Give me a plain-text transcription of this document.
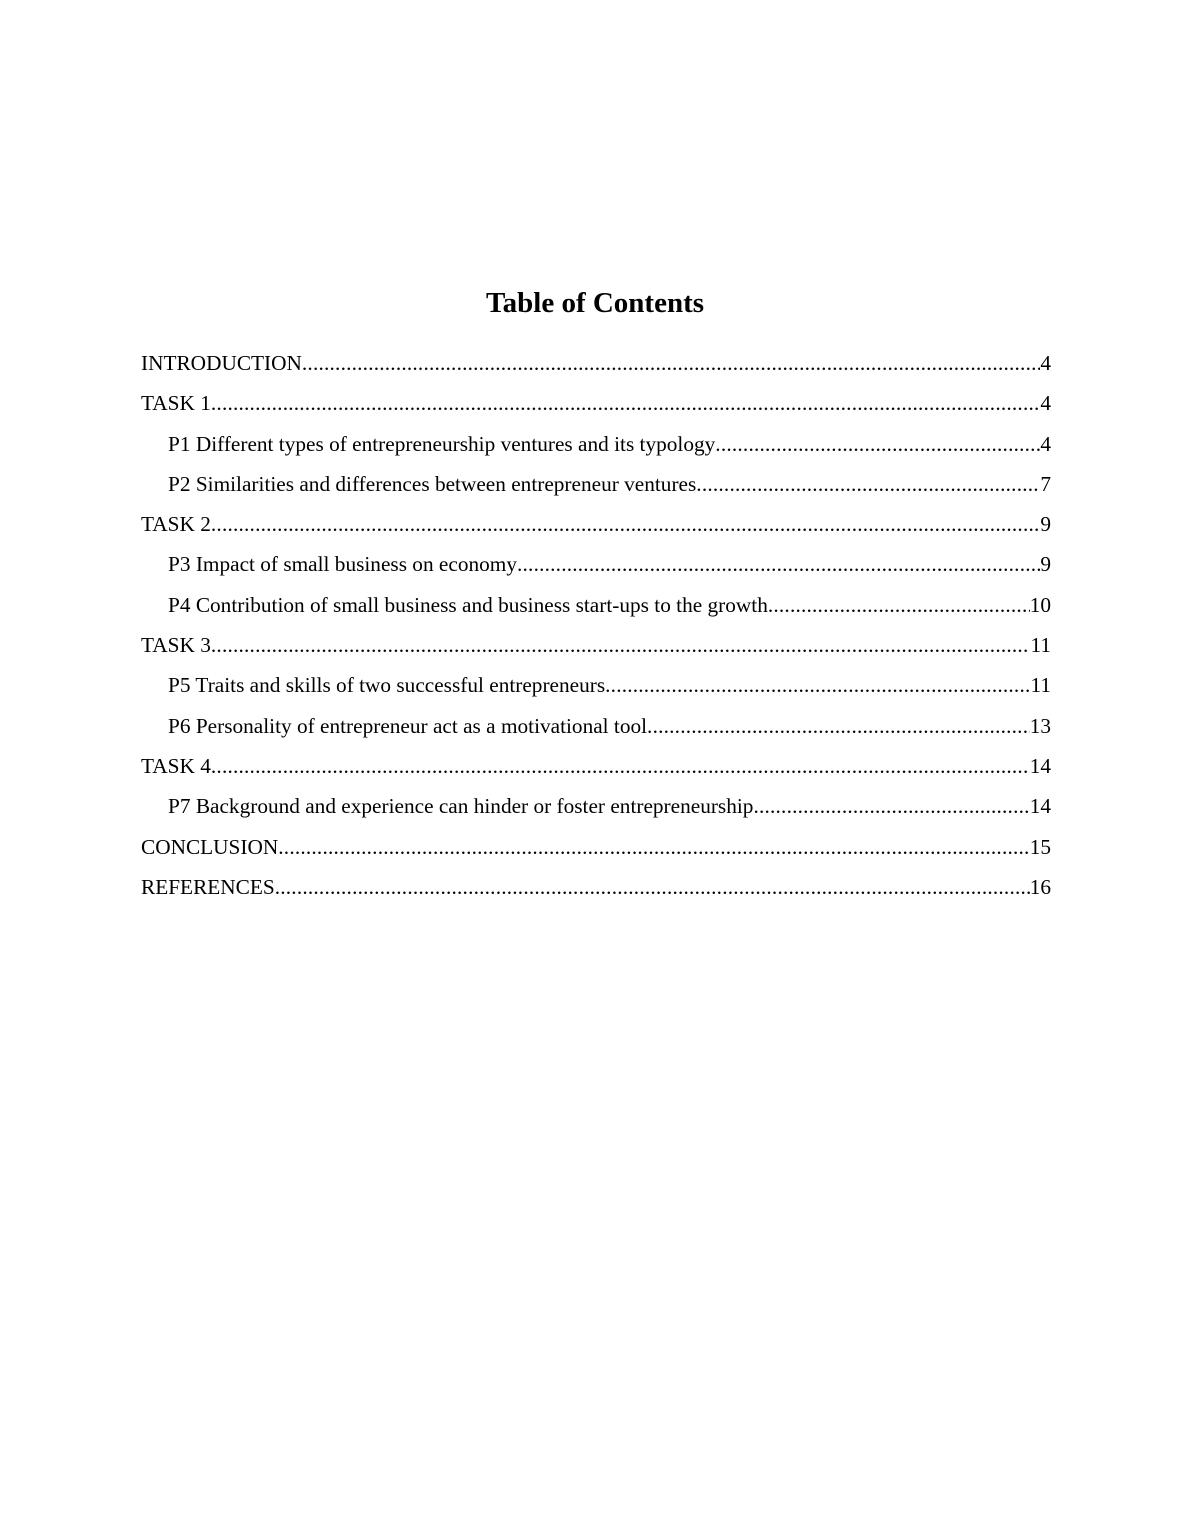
Table of Contents
INTRODUCTION .....	4
TASK 1 .....	4
P1 Different types of entrepreneurship ventures and its typology .....	4
P2 Similarities and differences between entrepreneur ventures .....	7
TASK 2 .....	9
P3 Impact of small business on economy .....	9
P4 Contribution of small business and business start-ups to the growth .....	10
TASK 3 .....	11
P5 Traits and skills of two successful entrepreneurs .....	11
P6 Personality of entrepreneur act as a motivational tool .....	13
TASK 4 .....	14
P7 Background and experience can hinder or foster entrepreneurship .....	14
CONCLUSION .....	15
REFERENCES .....	16
